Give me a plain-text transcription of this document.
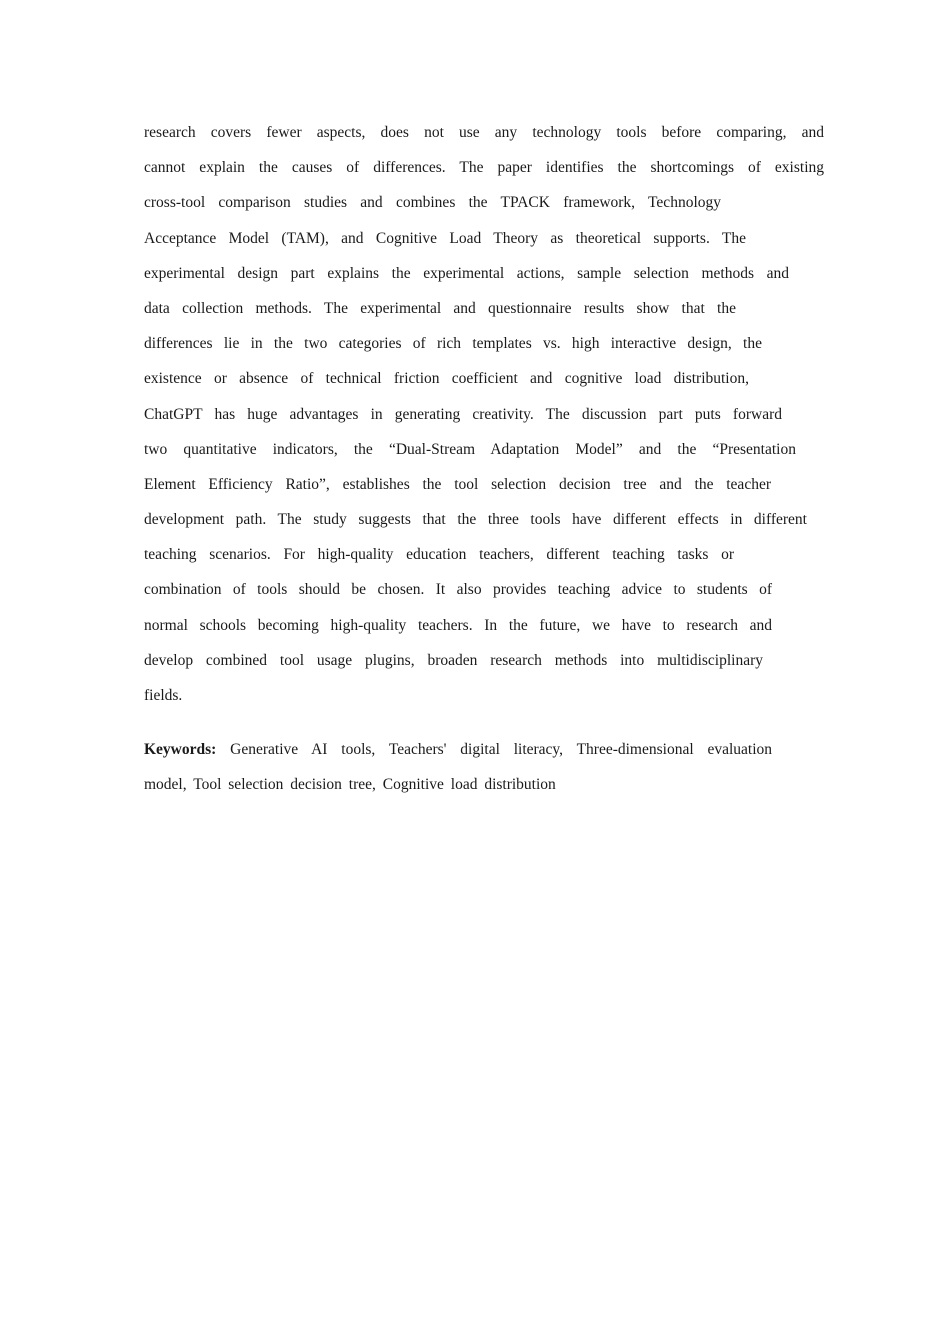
research covers fewer aspects, does not use any technology tools before comparing, and
cannot explain the causes of differences. The paper identifies the shortcomings of existing
cross-tool comparison studies and combines the TPACK framework, Technology
Acceptance Model (TAM), and Cognitive Load Theory as theoretical supports. The
experimental design part explains the experimental actions, sample selection methods and
data collection methods. The experimental and questionnaire results show that the
differences lie in the two categories of rich templates vs. high interactive design, the
existence or absence of technical friction coefficient and cognitive load distribution,
ChatGPT has huge advantages in generating creativity. The discussion part puts forward
two quantitative indicators, the “Dual-Stream Adaptation Model” and the “Presentation
Element Efficiency Ratio”, establishes the tool selection decision tree and the teacher
development path. The study suggests that the three tools have different effects in different
teaching scenarios. For high-quality education teachers, different teaching tasks or
combination of tools should be chosen. It also provides teaching advice to students of
normal schools becoming high-quality teachers. In the future, we have to research and
develop combined tool usage plugins, broaden research methods into multidisciplinary
fields.
Keywords: Generative AI tools, Teachers' digital literacy, Three-dimensional evaluation
model, Tool selection decision tree, Cognitive load distribution
